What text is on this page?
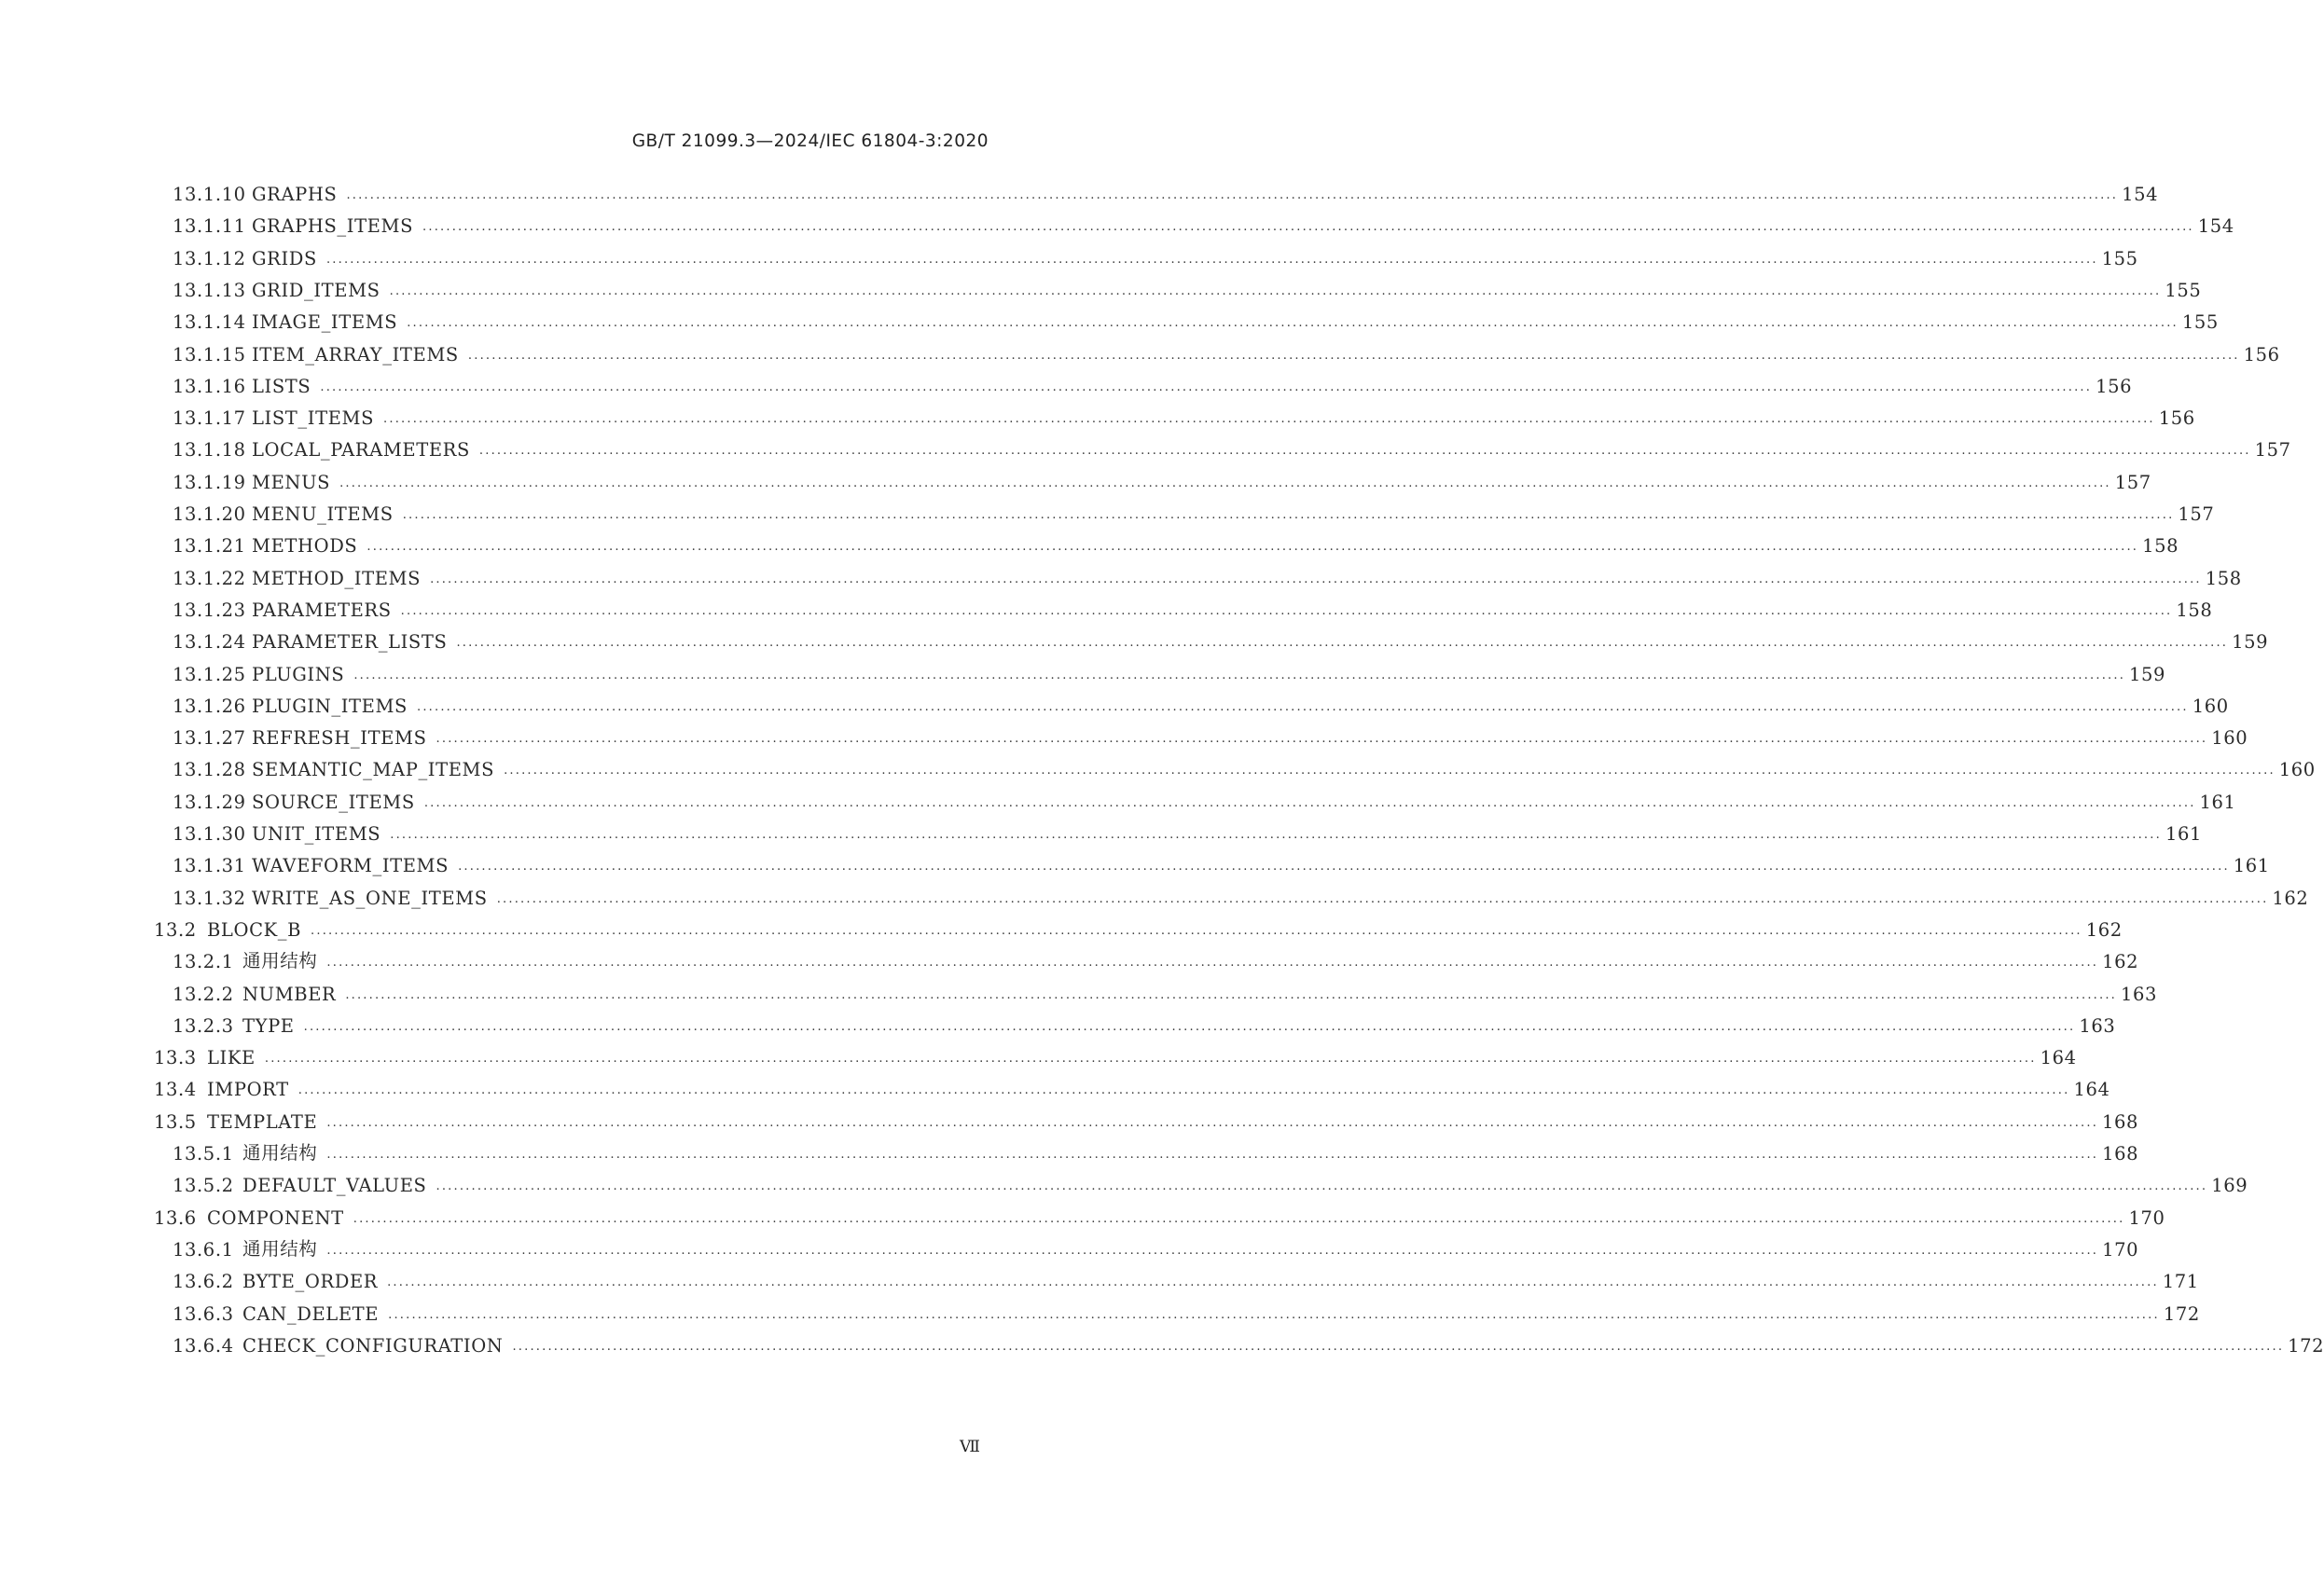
GB/T 21099.3—2024/IEC 61804-3:2020
13.1.10 GRAPHS ............................................................................................................................................................................................................................................................................................................ 154
13.1.11 GRAPHS_ITEMS ............................................................................................................................................................................................................................................................................................................ 154
13.1.12 GRIDS ............................................................................................................................................................................................................................................................................................................ 155
13.1.13 GRID_ITEMS ............................................................................................................................................................................................................................................................................................................ 155
13.1.14 IMAGE_ITEMS ............................................................................................................................................................................................................................................................................................................ 155
13.1.15 ITEM_ARRAY_ITEMS ............................................................................................................................................................................................................................................................................................................ 156
13.1.16 LISTS ............................................................................................................................................................................................................................................................................................................ 156
13.1.17 LIST_ITEMS ............................................................................................................................................................................................................................................................................................................ 156
13.1.18 LOCAL_PARAMETERS ............................................................................................................................................................................................................................................................................................................ 157
13.1.19 MENUS ............................................................................................................................................................................................................................................................................................................ 157
13.1.20 MENU_ITEMS ............................................................................................................................................................................................................................................................................................................ 157
13.1.21 METHODS ............................................................................................................................................................................................................................................................................................................ 158
13.1.22 METHOD_ITEMS ............................................................................................................................................................................................................................................................................................................ 158
13.1.23 PARAMETERS ............................................................................................................................................................................................................................................................................................................ 158
13.1.24 PARAMETER_LISTS ............................................................................................................................................................................................................................................................................................................ 159
13.1.25 PLUGINS ............................................................................................................................................................................................................................................................................................................ 159
13.1.26 PLUGIN_ITEMS ............................................................................................................................................................................................................................................................................................................ 160
13.1.27 REFRESH_ITEMS ............................................................................................................................................................................................................................................................................................................ 160
13.1.28 SEMANTIC_MAP_ITEMS ............................................................................................................................................................................................................................................................................................................ 160
13.1.29 SOURCE_ITEMS ............................................................................................................................................................................................................................................................................................................ 161
13.1.30 UNIT_ITEMS ............................................................................................................................................................................................................................................................................................................ 161
13.1.31 WAVEFORM_ITEMS ............................................................................................................................................................................................................................................................................................................ 161
13.1.32 WRITE_AS_ONE_ITEMS ............................................................................................................................................................................................................................................................................................................ 162
13.2 BLOCK_B ............................................................................................................................................................................................................................................................................................................ 162
13.2.1 通用结构 ............................................................................................................................................................................................................................................................................................................ 162
13.2.2 NUMBER ............................................................................................................................................................................................................................................................................................................ 163
13.2.3 TYPE ............................................................................................................................................................................................................................................................................................................ 163
13.3 LIKE ............................................................................................................................................................................................................................................................................................................ 164
13.4 IMPORT ............................................................................................................................................................................................................................................................................................................ 164
13.5 TEMPLATE ............................................................................................................................................................................................................................................................................................................ 168
13.5.1 通用结构 ............................................................................................................................................................................................................................................................................................................ 168
13.5.2 DEFAULT_VALUES ............................................................................................................................................................................................................................................................................................................ 169
13.6 COMPONENT ............................................................................................................................................................................................................................................................................................................ 170
13.6.1 通用结构 ............................................................................................................................................................................................................................................................................................................ 170
13.6.2 BYTE_ORDER ............................................................................................................................................................................................................................................................................................................ 171
13.6.3 CAN_DELETE ............................................................................................................................................................................................................................................................................................................ 172
13.6.4 CHECK_CONFIGURATION ............................................................................................................................................................................................................................................................................................................ 172
Ⅶ
